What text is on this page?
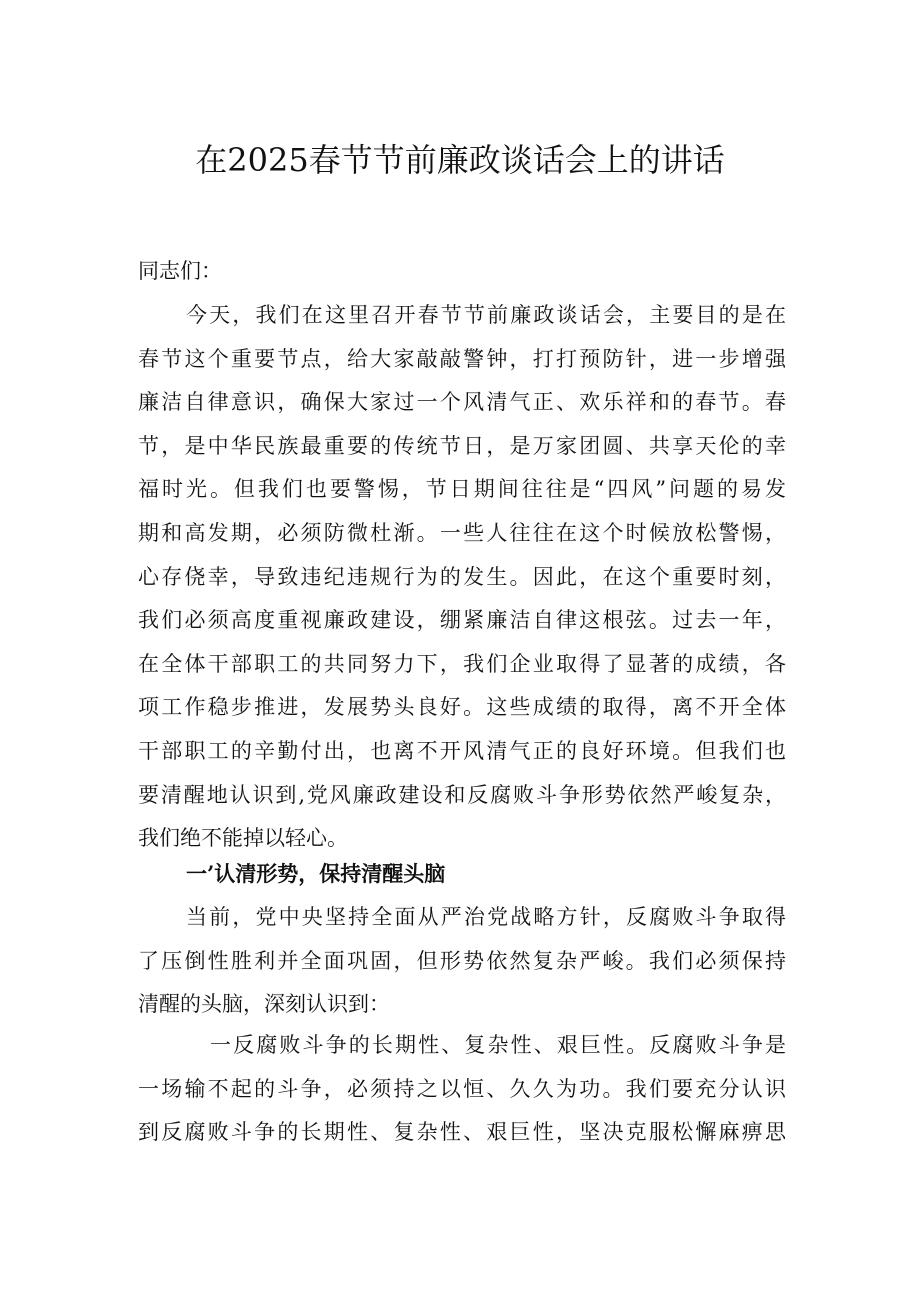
在2025春节节前廉政谈话会上的讲话
同志们：
今天，我们在这里召开春节节前廉政谈话会，主要目的是在
春节这个重要节点，给大家敲敲警钟，打打预防针，进一步增强
廉洁自律意识，确保大家过一个风清气正、欢乐祥和的春节。春
节，是中华民族最重要的传统节日，是万家团圆、共享天伦的幸
福时光。但我们也要警惕，节日期间往往是“四风”问题的易发
期和高发期，必须防微杜渐。一些人往往在这个时候放松警惕，
心存侥幸，导致违纪违规行为的发生。因此，在这个重要时刻，
我们必须高度重视廉政建设，绷紧廉洁自律这根弦。过去一年，
在全体干部职工的共同努力下，我们企业取得了显著的成绩，各
项工作稳步推进，发展势头良好。这些成绩的取得，离不开全体
干部职工的辛勤付出，也离不开风清气正的良好环境。但我们也
要清醒地认识到,党风廉政建设和反腐败斗争形势依然严峻复杂，
我们绝不能掉以轻心。
一’认清形势，保持清醒头脑
当前，党中央坚持全面从严治党战略方针，反腐败斗争取得
了压倒性胜利并全面巩固，但形势依然复杂严峻。我们必须保持
清醒的头脑，深刻认识到：
一反腐败斗争的长期性、复杂性、艰巨性。反腐败斗争是
一场输不起的斗争，必须持之以恒、久久为功。我们要充分认识
到反腐败斗争的长期性、复杂性、艰巨性，坚决克服松懈麻痹思
